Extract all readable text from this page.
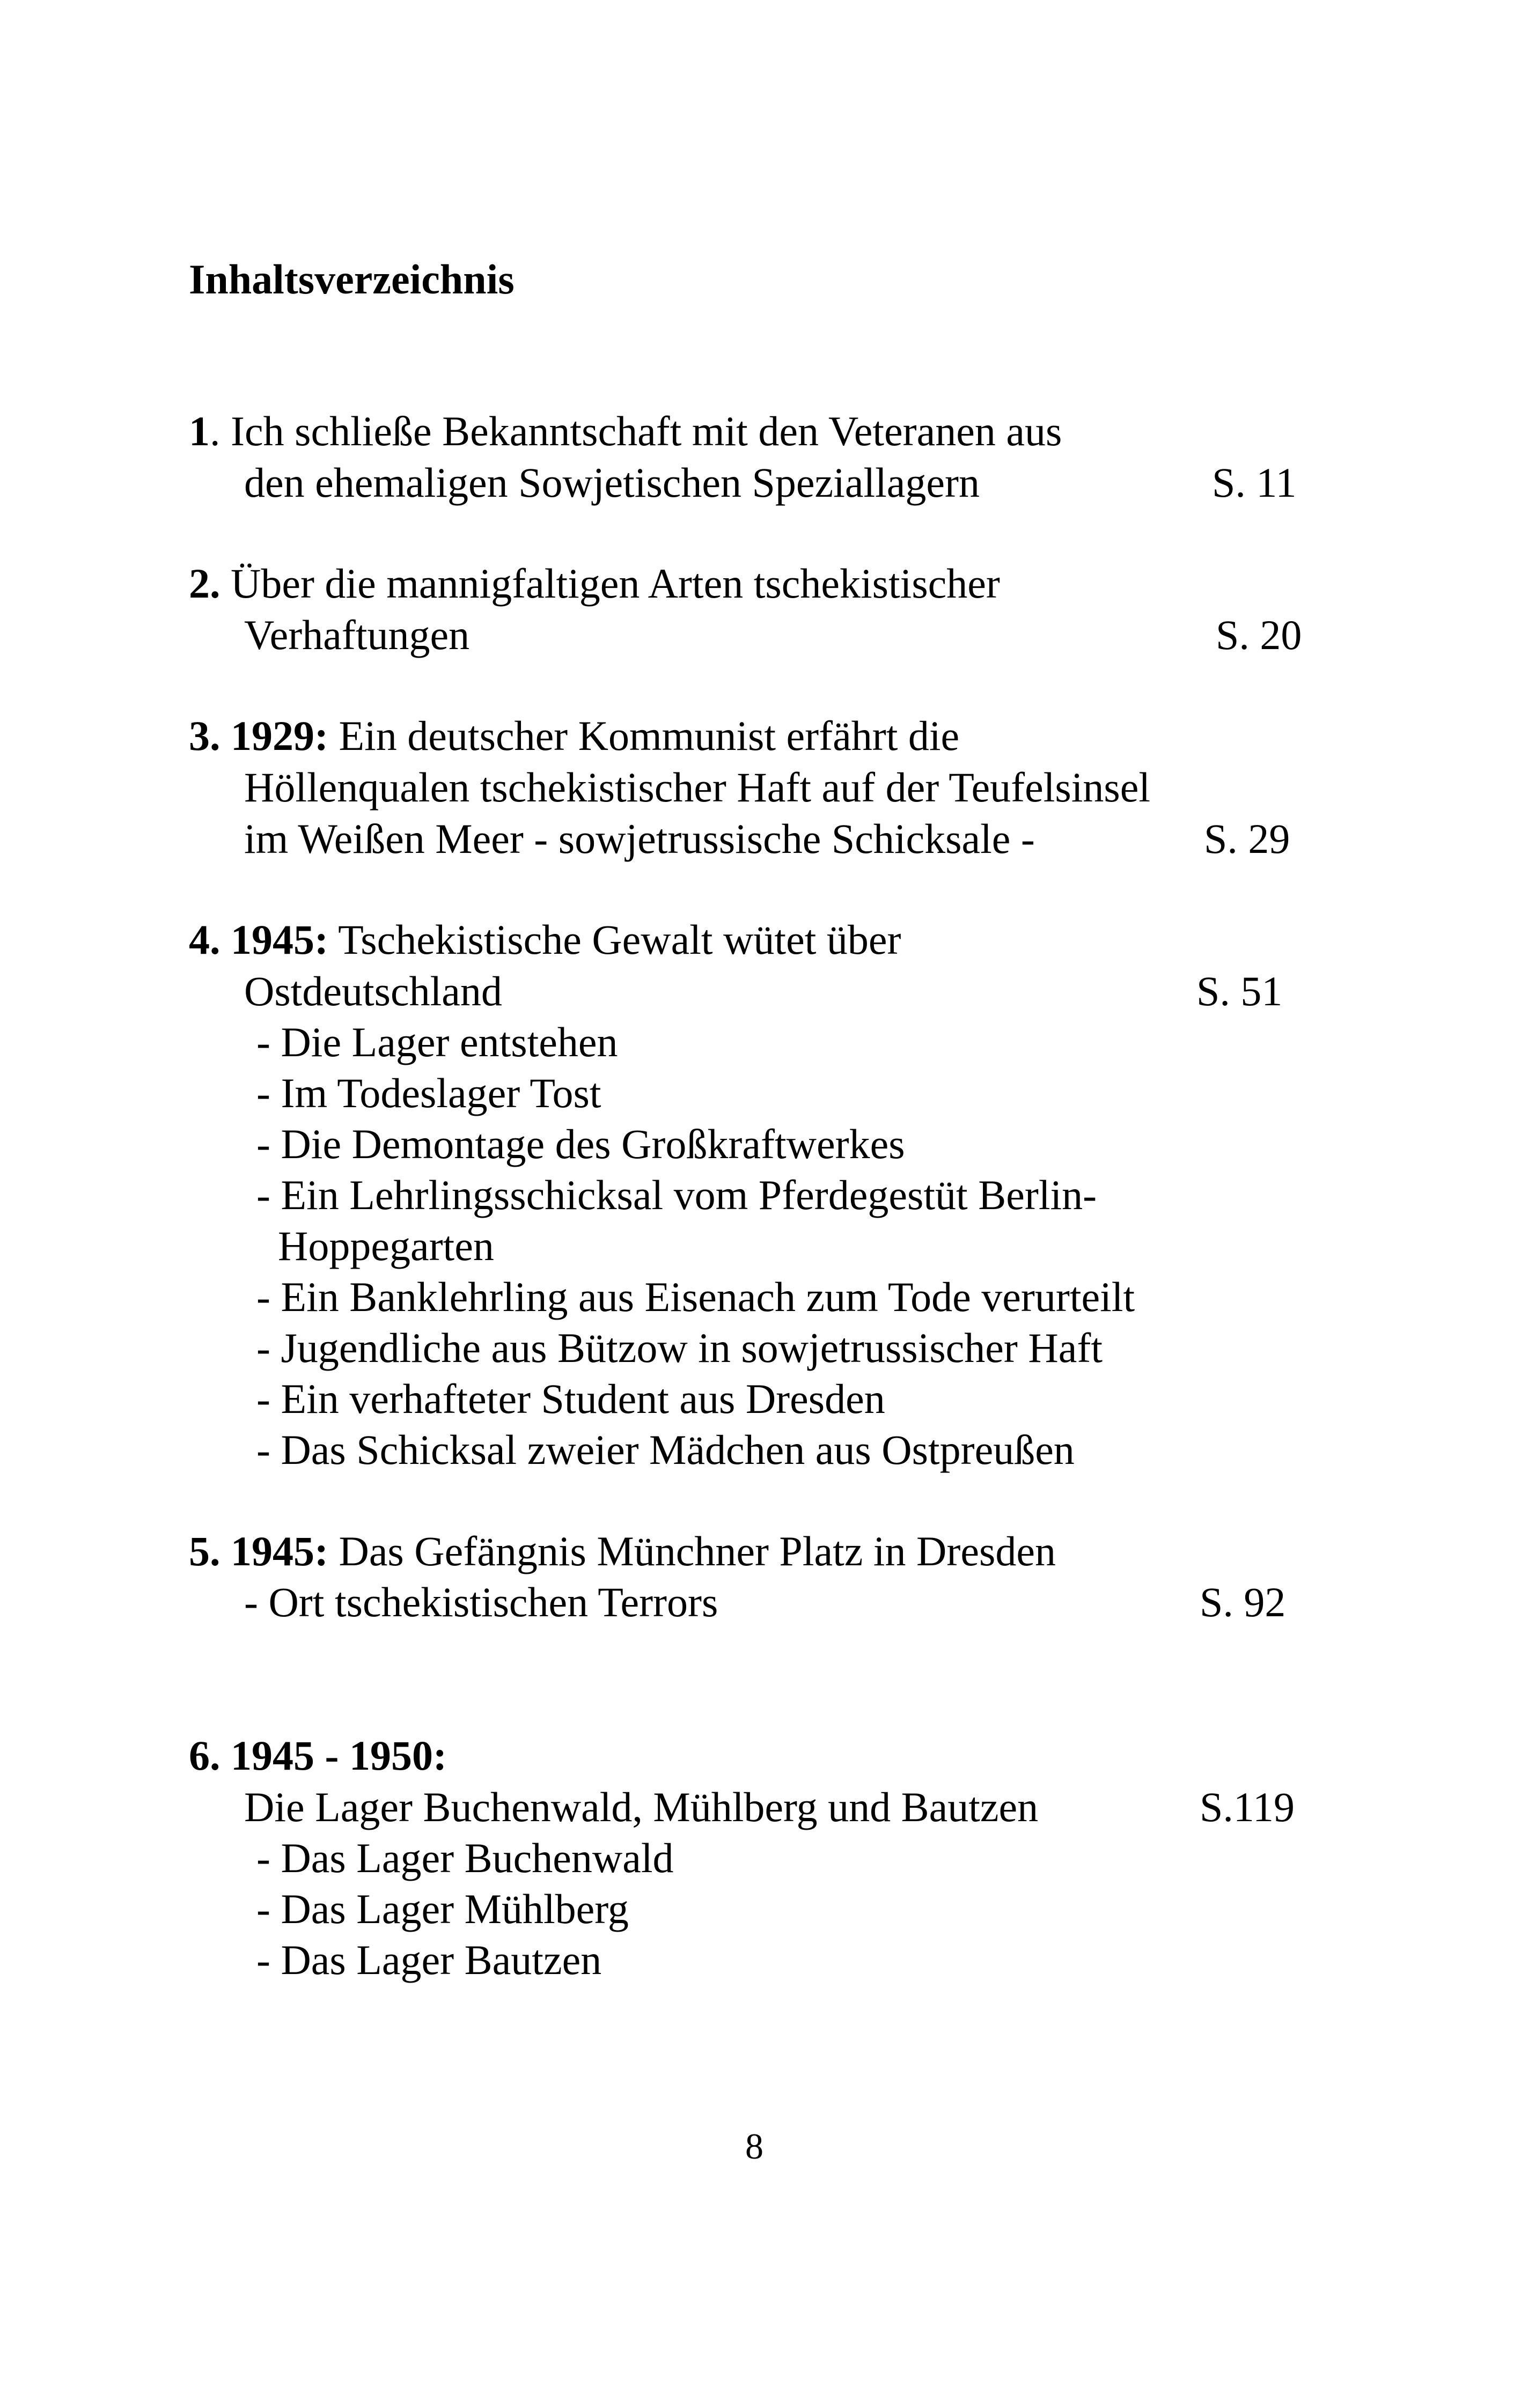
Inhaltsverzeichnis
1. Ich schließe Bekanntschaft mit den Veteranen aus
den ehemaligen Sowjetischen Speziallagern	S. 11
2. Über die mannigfaltigen Arten tschekistischer
Verhaftungen	S. 20
3. 1929: Ein deutscher Kommunist erfährt die
Höllenqualen tschekistischer Haft auf der Teufelsinsel
im Weißen Meer - sowjetrussische Schicksale -	S. 29
4. 1945: Tschekistische Gewalt wütet über
Ostdeutschland	S. 51
- Die Lager entstehen
- Im Todeslager Tost
- Die Demontage des Großkraftwerkes
- Ein Lehrlingsschicksal vom Pferdegestüt Berlin-
Hoppegarten
- Ein Banklehrling aus Eisenach zum Tode verurteilt
- Jugendliche aus Bützow in sowjetrussischer Haft
- Ein verhafteter Student aus Dresden
- Das Schicksal zweier Mädchen aus Ostpreußen
5. 1945: Das Gefängnis Münchner Platz in Dresden
- Ort tschekistischen Terrors	S. 92
6. 1945 - 1950:
Die Lager Buchenwald, Mühlberg und Bautzen	S.119
- Das Lager Buchenwald
- Das Lager Mühlberg
- Das Lager Bautzen
8
